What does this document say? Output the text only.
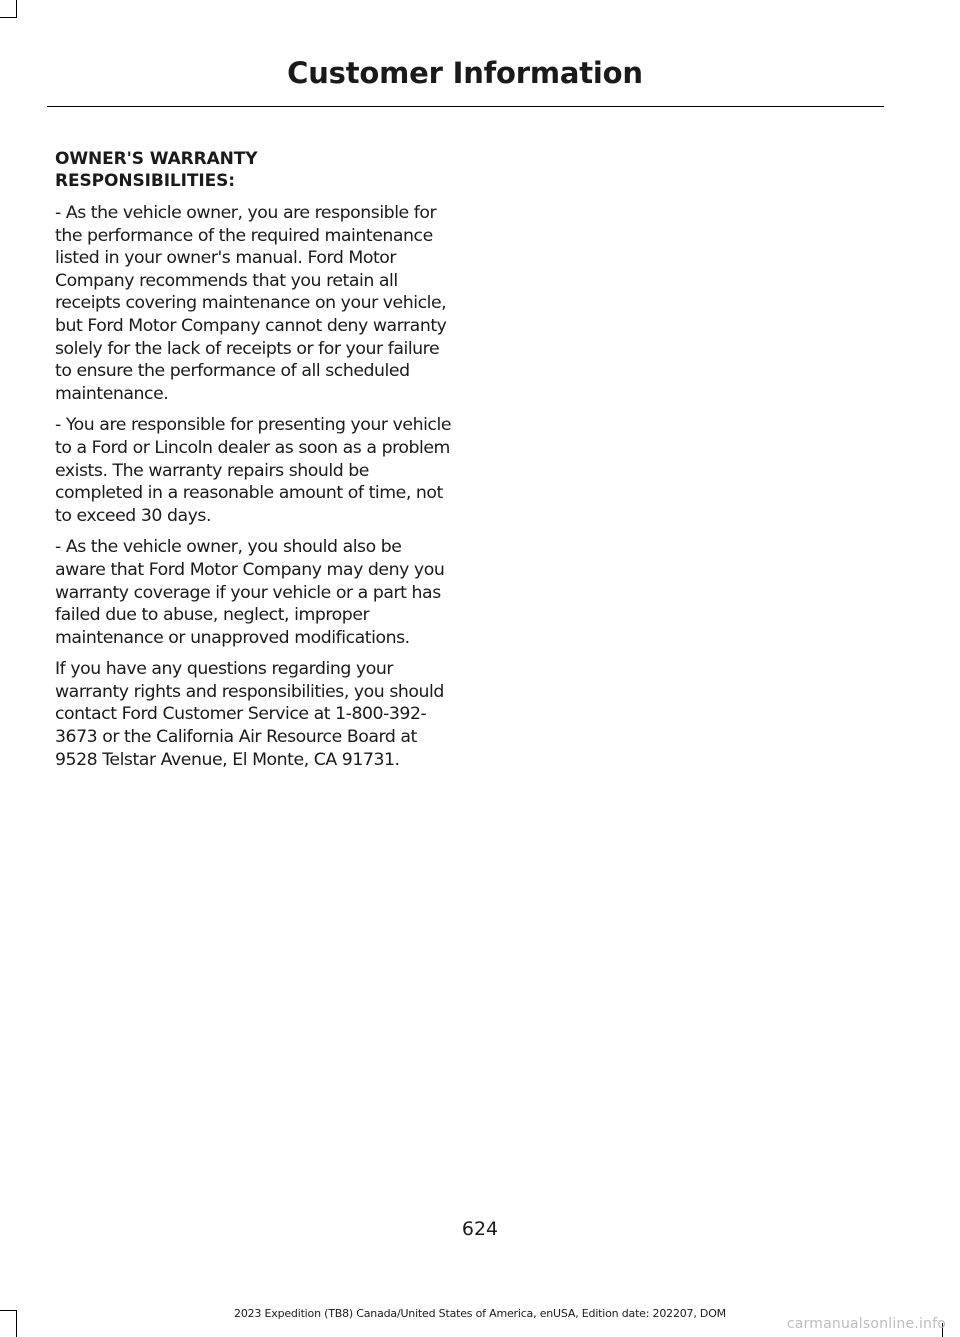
Customer Information
OWNER'S WARRANTY RESPONSIBILITIES:

- As the vehicle owner, you are responsible for the performance of the required maintenance listed in your owner's manual. Ford Motor Company recommends that you retain all receipts covering maintenance on your vehicle, but Ford Motor Company cannot deny warranty solely for the lack of receipts or for your failure to ensure the performance of all scheduled maintenance.

- You are responsible for presenting your vehicle to a Ford or Lincoln dealer as soon as a problem exists. The warranty repairs should be completed in a reasonable amount of time, not to exceed 30 days.

- As the vehicle owner, you should also be aware that Ford Motor Company may deny you warranty coverage if your vehicle or a part has failed due to abuse, neglect, improper maintenance or unapproved modifications.

If you have any questions regarding your warranty rights and responsibilities, you should contact Ford Customer Service at 1-800-392-3673 or the California Air Resource Board at 9528 Telstar Avenue, El Monte, CA 91731.

624
2023 Expedition (TB8) Canada/United States of America, enUSA, Edition date: 202207, DOM
carmanualsonline.info
